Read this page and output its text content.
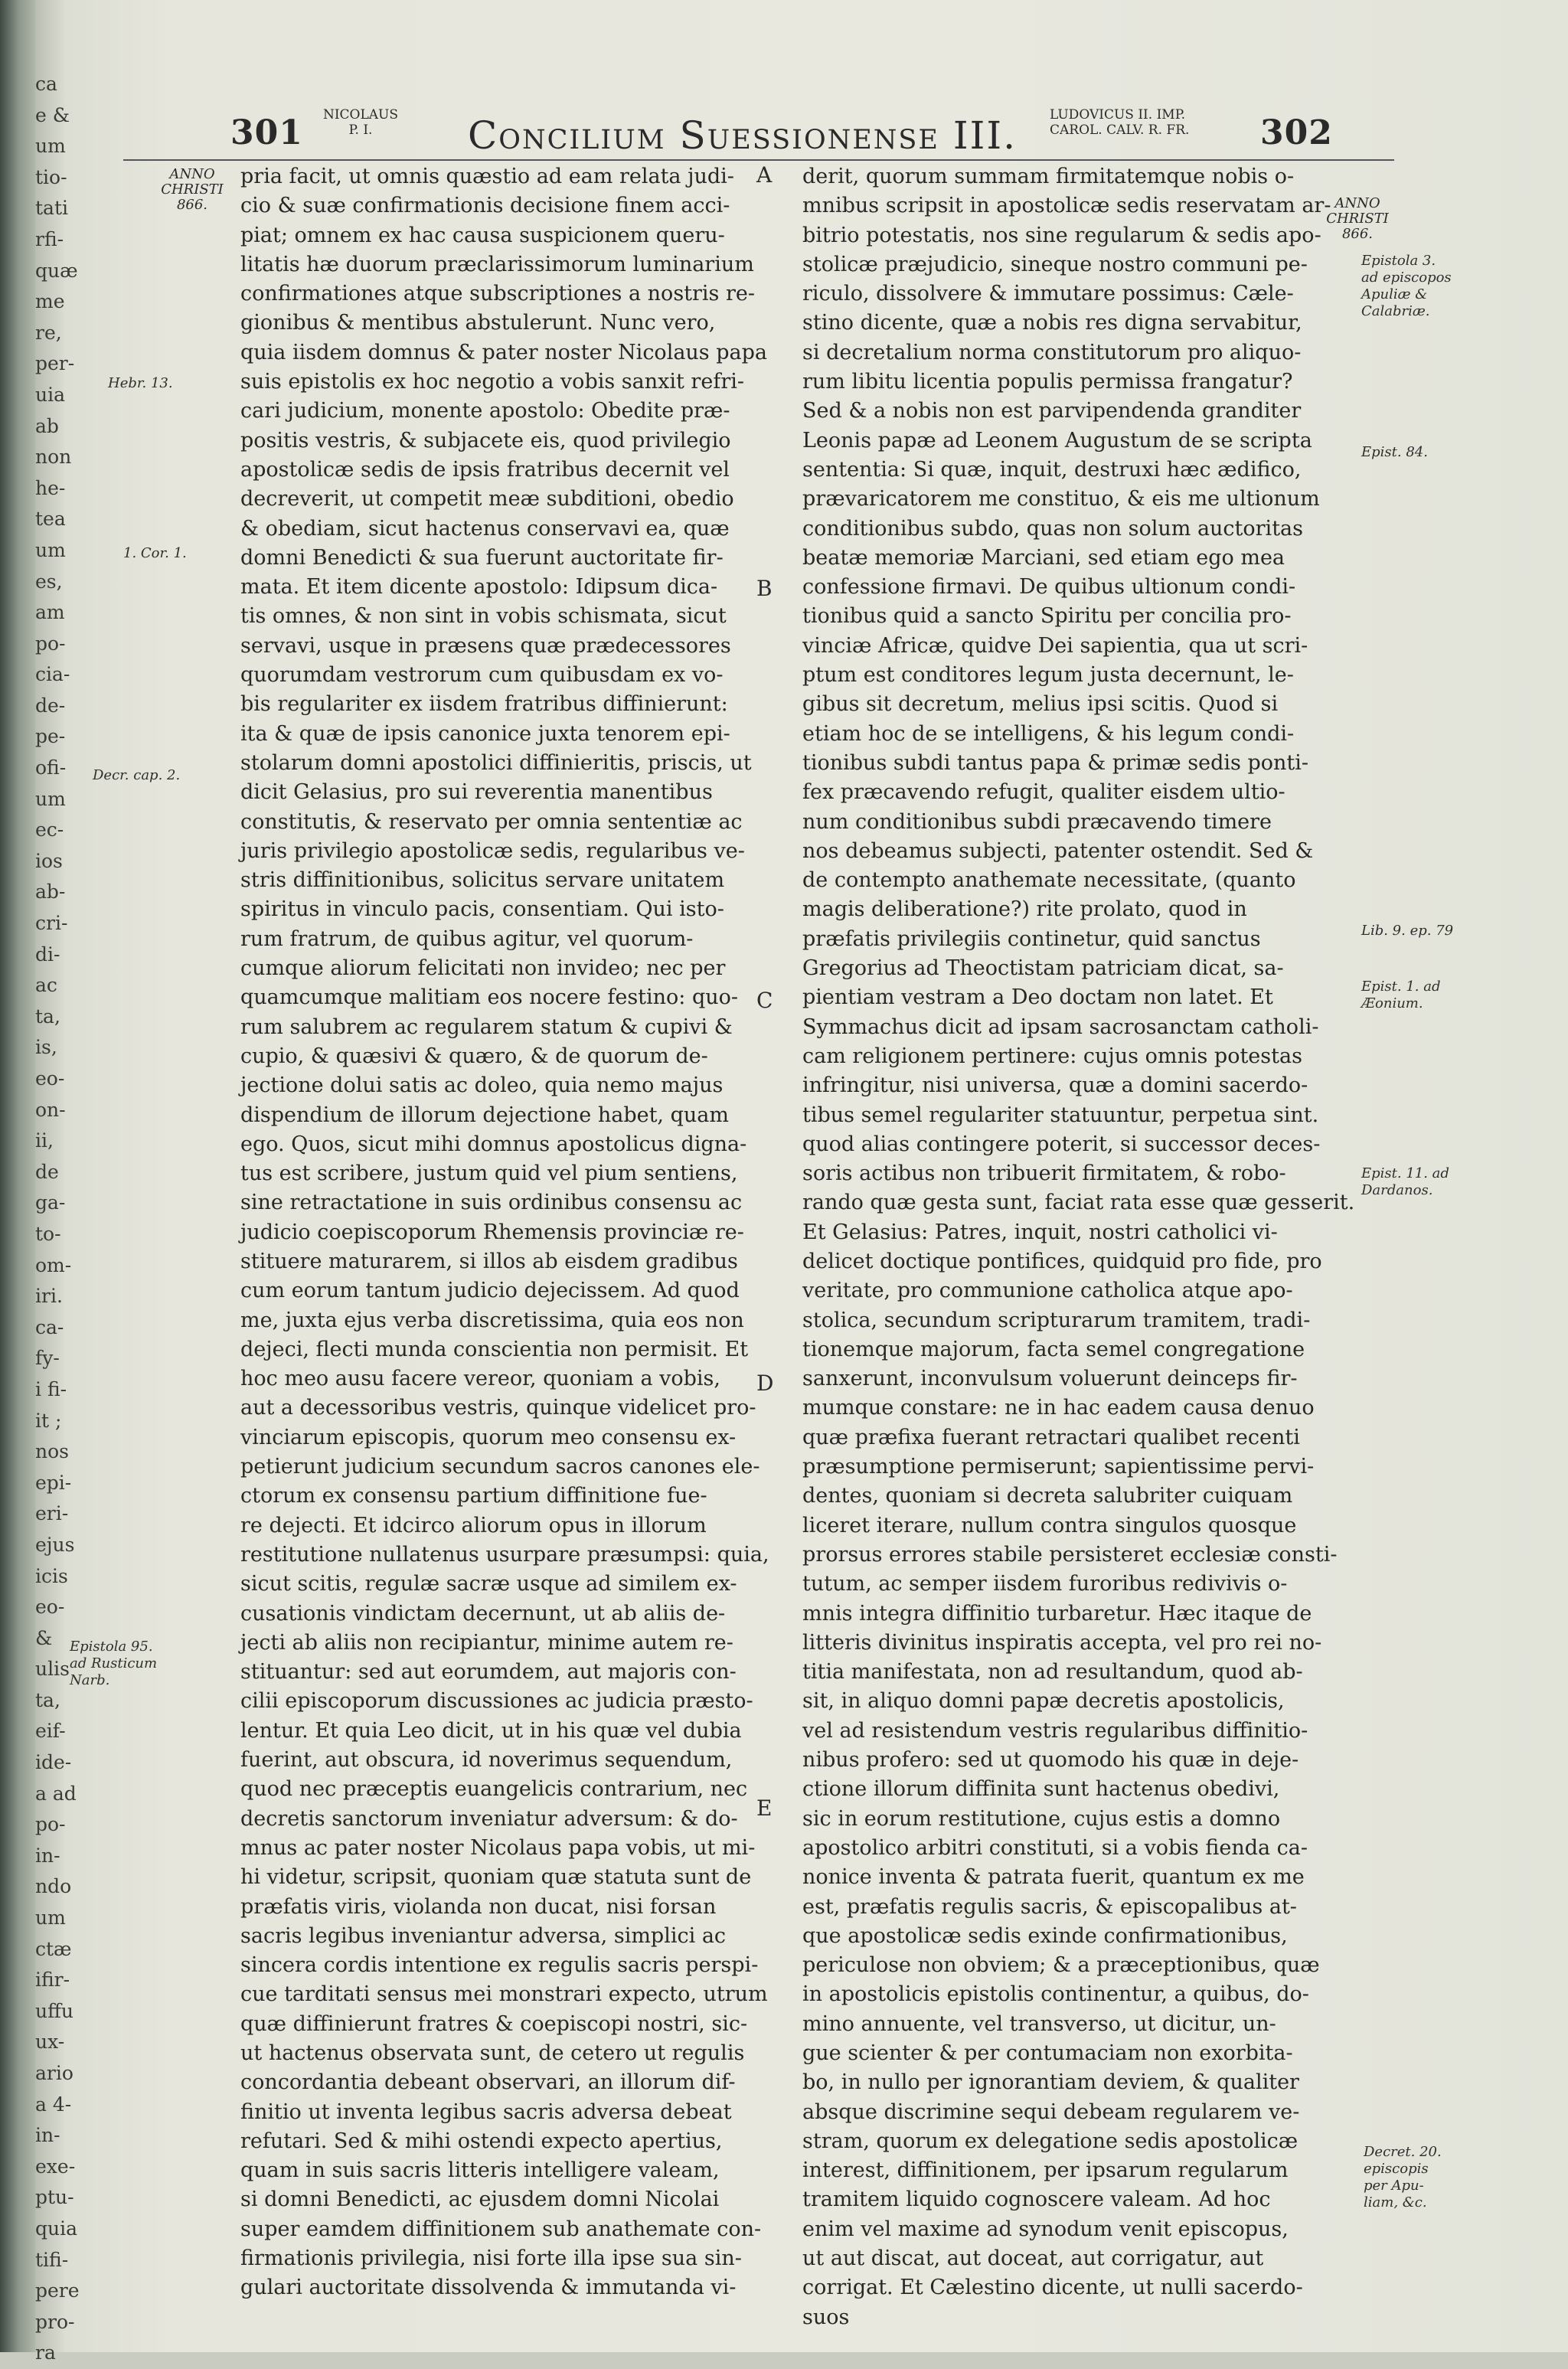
ca
e &
um
tio-
tati
rfi-
quæ
me
re,
per-
uia
ab
non
he-
tea
um
es,
am
po-
cia-
de-
pe-
ofi-
um
ec-
ios
ab-
cri-
di-
ac
ta,
is,
eo-
on-
ii,
de
ga-
to-
om-
iri.
ca-
fy-
i fi-
it ;
nos
epi-
eri-
ejus
icis
eo-
&
ulis
ta,
eif-
ide-
a ad
po-
in-
ndo
um
ctæ
ifir-
uffu
ux-
ario
a 4-
in-
exe-
ptu-
quia
tifi-
pere
pro-
ra
301 NICOLAUS
P. I.	Concilium Suessionense III.	LUDOVICUS II. IMP.
CAROL. CALV. R. FR.	302
ANNO
CHRISTI
866.	ANNO
CHRISTI
866.
Hebr. 13.
1. Cor. 1.
Decr. cap. 2.
Epistola 95.
ad Rusticum
Narb.
Epistola 3.
ad episcopos
Apuliæ &
Calabriæ.
Epist. 84.
Lib. 9. ep. 79
Epist. 1. ad
Æonium.
Epist. 11. ad
Dardanos.
Decret. 20.
episcopis
per Apu-
liam, &c.
A
B
C
D
E
pria facit, ut omnis quæstio ad eam relata judi-
cio & suæ confirmationis decisione finem acci-
piat; omnem ex hac causa suspicionem queru-
litatis hæ duorum præclarissimorum luminarium
confirmationes atque subscriptiones a nostris re-
gionibus & mentibus abstulerunt. Nunc vero,
quia iisdem domnus & pater noster Nicolaus papa
suis epistolis ex hoc negotio a vobis sanxit refri-
cari judicium, monente apostolo: Obedite præ-
positis vestris, & subjacete eis, quod privilegio
apostolicæ sedis de ipsis fratribus decernit vel
decreverit, ut competit meæ subditioni, obedio
& obediam, sicut hactenus conservavi ea, quæ
domni Benedicti & sua fuerunt auctoritate fir-
mata. Et item dicente apostolo: Idipsum dica-
tis omnes, & non sint in vobis schismata, sicut
servavi, usque in præsens quæ prædecessores
quorumdam vestrorum cum quibusdam ex vo-
bis regulariter ex iisdem fratribus diffinierunt:
ita & quæ de ipsis canonice juxta tenorem epi-
stolarum domni apostolici diffinieritis, priscis, ut
dicit Gelasius, pro sui reverentia manentibus
constitutis, & reservato per omnia sententiæ ac
juris privilegio apostolicæ sedis, regularibus ve-
stris diffinitionibus, solicitus servare unitatem
spiritus in vinculo pacis, consentiam. Qui isto-
rum fratrum, de quibus agitur, vel quorum-
cumque aliorum felicitati non invideo; nec per
quamcumque malitiam eos nocere festino: quo-
rum salubrem ac regularem statum & cupivi &
cupio, & quæsivi & quæro, & de quorum de-
jectione dolui satis ac doleo, quia nemo majus
dispendium de illorum dejectione habet, quam
ego. Quos, sicut mihi domnus apostolicus digna-
tus est scribere, justum quid vel pium sentiens,
sine retractatione in suis ordinibus consensu ac
judicio coepiscoporum Rhemensis provinciæ re-
stituere maturarem, si illos ab eisdem gradibus
cum eorum tantum judicio dejecissem. Ad quod
me, juxta ejus verba discretissima, quia eos non
dejeci, flecti munda conscientia non permisit. Et
hoc meo ausu facere vereor, quoniam a vobis,
aut a decessoribus vestris, quinque videlicet pro-
vinciarum episcopis, quorum meo consensu ex-
petierunt judicium secundum sacros canones ele-
ctorum ex consensu partium diffinitione fue-
re dejecti. Et idcirco aliorum opus in illorum
restitutione nullatenus usurpare præsumpsi: quia,
sicut scitis, regulæ sacræ usque ad similem ex-
cusationis vindictam decernunt, ut ab aliis de-
jecti ab aliis non recipiantur, minime autem re-
stituantur: sed aut eorumdem, aut majoris con-
cilii episcoporum discussiones ac judicia præsto-
lentur. Et quia Leo dicit, ut in his quæ vel dubia
fuerint, aut obscura, id noverimus sequendum,
quod nec præceptis euangelicis contrarium, nec
decretis sanctorum inveniatur adversum: & do-
mnus ac pater noster Nicolaus papa vobis, ut mi-
hi videtur, scripsit, quoniam quæ statuta sunt de
præfatis viris, violanda non ducat, nisi forsan
sacris legibus inveniantur adversa, simplici ac
sincera cordis intentione ex regulis sacris perspi-
cue tarditati sensus mei monstrari expecto, utrum
quæ diffinierunt fratres & coepiscopi nostri, sic-
ut hactenus observata sunt, de cetero ut regulis
concordantia debeant observari, an illorum dif-
finitio ut inventa legibus sacris adversa debeat
refutari. Sed & mihi ostendi expecto apertius,
quam in suis sacris litteris intelligere valeam,
si domni Benedicti, ac ejusdem domni Nicolai
super eamdem diffinitionem sub anathemate con-
firmationis privilegia, nisi forte illa ipse sua sin-
gulari auctoritate dissolvenda & immutanda vi-
derit, quorum summam firmitatemque nobis o-
mnibus scripsit in apostolicæ sedis reservatam ar-
bitrio potestatis, nos sine regularum & sedis apo-
stolicæ præjudicio, sineque nostro communi pe-
riculo, dissolvere & immutare possimus: Cæle-
stino dicente, quæ a nobis res digna servabitur,
si decretalium norma constitutorum pro aliquo-
rum libitu licentia populis permissa frangatur?
Sed & a nobis non est parvipendenda granditer
Leonis papæ ad Leonem Augustum de se scripta
sententia: Si quæ, inquit, destruxi hæc ædifico,
prævaricatorem me constituo, & eis me ultionum
conditionibus subdo, quas non solum auctoritas
beatæ memoriæ Marciani, sed etiam ego mea
confessione firmavi. De quibus ultionum condi-
tionibus quid a sancto Spiritu per concilia pro-
vinciæ Africæ, quidve Dei sapientia, qua ut scri-
ptum est conditores legum justa decernunt, le-
gibus sit decretum, melius ipsi scitis. Quod si
etiam hoc de se intelligens, & his legum condi-
tionibus subdi tantus papa & primæ sedis ponti-
fex præcavendo refugit, qualiter eisdem ultio-
num conditionibus subdi præcavendo timere
nos debeamus subjecti, patenter ostendit. Sed &
de contempto anathemate necessitate, (quanto
magis deliberatione?) rite prolato, quod in
præfatis privilegiis continetur, quid sanctus
Gregorius ad Theoctistam patriciam dicat, sa-
pientiam vestram a Deo doctam non latet. Et
Symmachus dicit ad ipsam sacrosanctam catholi-
cam religionem pertinere: cujus omnis potestas
infringitur, nisi universa, quæ a domini sacerdo-
tibus semel regulariter statuuntur, perpetua sint.
quod alias contingere poterit, si successor deces-
soris actibus non tribuerit firmitatem, & robo-
rando quæ gesta sunt, faciat rata esse quæ gesserit.
Et Gelasius: Patres, inquit, nostri catholici vi-
delicet doctique pontifices, quidquid pro fide, pro
veritate, pro communione catholica atque apo-
stolica, secundum scripturarum tramitem, tradi-
tionemque majorum, facta semel congregatione
sanxerunt, inconvulsum voluerunt deinceps fir-
mumque constare: ne in hac eadem causa denuo
quæ præfixa fuerant retractari qualibet recenti
præsumptione permiserunt; sapientissime pervi-
dentes, quoniam si decreta salubriter cuiquam
liceret iterare, nullum contra singulos quosque
prorsus errores stabile persisteret ecclesiæ consti-
tutum, ac semper iisdem furoribus redivivis o-
mnis integra diffinitio turbaretur. Hæc itaque de
litteris divinitus inspiratis accepta, vel pro rei no-
titia manifestata, non ad resultandum, quod ab-
sit, in aliquo domni papæ decretis apostolicis,
vel ad resistendum vestris regularibus diffinitio-
nibus profero: sed ut quomodo his quæ in deje-
ctione illorum diffinita sunt hactenus obedivi,
sic in eorum restitutione, cujus estis a domno
apostolico arbitri constituti, si a vobis fienda ca-
nonice inventa & patrata fuerit, quantum ex me
est, præfatis regulis sacris, & episcopalibus at-
que apostolicæ sedis exinde confirmationibus,
periculose non obviem; & a præceptionibus, quæ
in apostolicis epistolis continentur, a quibus, do-
mino annuente, vel transverso, ut dicitur, un-
gue scienter & per contumaciam non exorbita-
bo, in nullo per ignorantiam deviem, & qualiter
absque discrimine sequi debeam regularem ve-
stram, quorum ex delegatione sedis apostolicæ
interest, diffinitionem, per ipsarum regularum
tramitem liquido cognoscere valeam. Ad hoc
enim vel maxime ad synodum venit episcopus,
ut aut discat, aut doceat, aut corrigatur, aut
corrigat. Et Cælestino dicente, ut nulli sacerdo-
suos
